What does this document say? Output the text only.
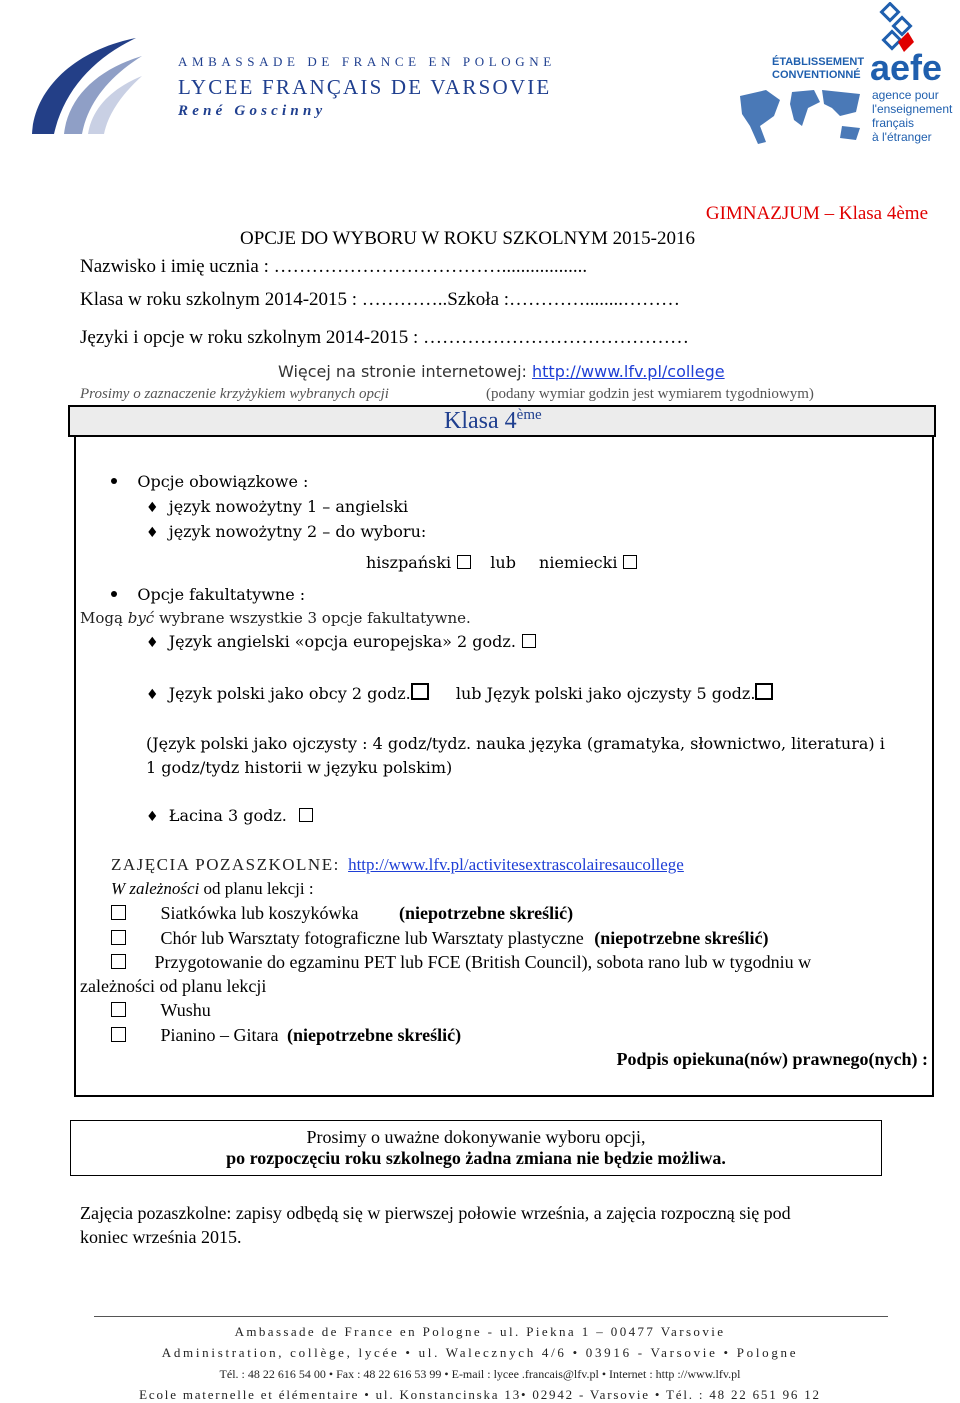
AMBASSADE DE FRANCE EN POLOGNE
LYCEE FRANÇAIS DE VARSOVIE
René Goscinny
ÉTABLISSEMENT
CONVENTIONNÉ aefe
agence pour
l'enseignement
français
à l'étranger
GIMNAZJUM – Klasa 4ème
OPCJE DO WYBORU W ROKU SZKOLNYM 2015-2016
Nazwisko i imię ucznia : ………………………………..................
Klasa w roku szkolnym 2014-2015 : …………..Szkoła :…………........………
Języki i opcje w roku szkolnym 2014-2015 : ……………………………………
Więcej na stronie internetowej: http://www.lfv.pl/college
Prosimy o zaznaczenie krzyżykiem wybranych opcji	(podany wymiar godzin jest wymiarem tygodniowym)
Klasa 4ème
Opcje obowiązkowe :
♦ język nowożytny 1 – angielski
♦ język nowożytny 2 – do wyboru:
hiszpański lub niemiecki
Opcje fakultatywne :
Mogą być wybrane wszystkie 3 opcje fakultatywne.
♦ Język angielski «opcja europejska» 2 godz.
♦ Język polski jako obcy 2 godz.	lub Język polski jako ojczysty 5 godz.
(Język polski jako ojczysty : 4 godz/tydz. nauka języka (gramatyka, słownictwo, literatura) i
1 godz/tydz historii w języku polskim)
♦ Łacina 3 godz.
ZAJĘCIA POZASZKOLNE: http://www.lfv.pl/activitesextrascolairesaucollege
W zależności od planu lekcji :
Siatkówka lub koszykówka (niepotrzebne skreślić)
Chór lub Warsztaty fotograficzne lub Warsztaty plastyczne (niepotrzebne skreślić)
Przygotowanie do egzaminu PET lub FCE (British Council), sobota rano lub w tygodniu w
zależności od planu lekcji
Wushu
Pianino – Gitara (niepotrzebne skreślić)
Podpis opiekuna(nów) prawnego(nych) :
Prosimy o uważne dokonywanie wyboru opcji,
po rozpoczęciu roku szkolnego żadna zmiana nie będzie możliwa.
Zajęcia pozaszkolne: zapisy odbędą się w pierwszej połowie września, a zajęcia rozpoczną się pod
koniec września 2015.
Ambassade de France en Pologne - ul. Piekna 1 – 00477 Varsovie
Administration, collège, lycée • ul. Walecznych 4/6 • 03916 - Varsovie • Pologne
Tél. : 48 22 616 54 00 • Fax : 48 22 616 53 99 • E-mail : lycee .francais@lfv.pl • Internet : http ://www.lfv.pl
Ecole maternelle et élémentaire • ul. Konstancinska 13• 02942 - Varsovie • Tél. : 48 22 651 96 12
